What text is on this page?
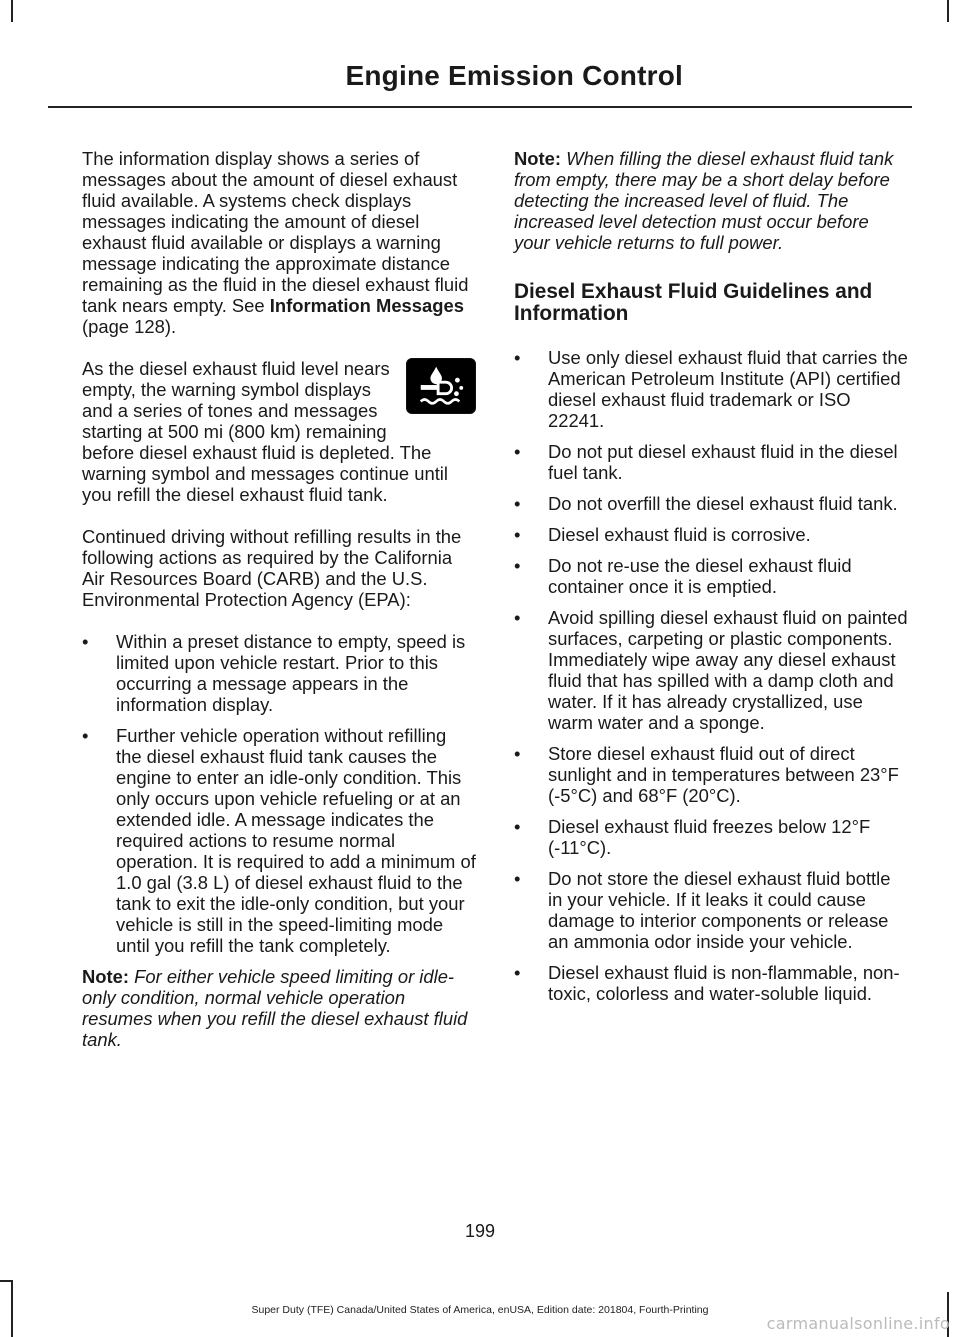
Engine Emission Control

The information display shows a series of messages about the amount of diesel exhaust fluid available. A systems check displays messages indicating the amount of diesel exhaust fluid available or displays a warning message indicating the approximate distance remaining as the fluid in the diesel exhaust fluid tank nears empty. See Information Messages (page 128).

As the diesel exhaust fluid level nears empty, the warning symbol displays and a series of tones and messages starting at 500 mi (800 km) remaining before diesel exhaust fluid is depleted. The warning symbol and messages continue until you refill the diesel exhaust fluid tank.

Continued driving without refilling results in the following actions as required by the California Air Resources Board (CARB) and the U.S. Environmental Protection Agency (EPA):

• Within a preset distance to empty, speed is limited upon vehicle restart. Prior to this occurring a message appears in the information display.
• Further vehicle operation without refilling the diesel exhaust fluid tank causes the engine to enter an idle-only condition. This only occurs upon vehicle refueling or at an extended idle. A message indicates the required actions to resume normal operation. It is required to add a minimum of 1.0 gal (3.8 L) of diesel exhaust fluid to the tank to exit the idle-only condition, but your vehicle is still in the speed-limiting mode until you refill the tank completely.

Note: For either vehicle speed limiting or idle-only condition, normal vehicle operation resumes when you refill the diesel exhaust fluid tank.

Note: When filling the diesel exhaust fluid tank from empty, there may be a short delay before detecting the increased level of fluid. The increased level detection must occur before your vehicle returns to full power.

Diesel Exhaust Fluid Guidelines and Information
• Use only diesel exhaust fluid that carries the American Petroleum Institute (API) certified diesel exhaust fluid trademark or ISO 22241.
• Do not put diesel exhaust fluid in the diesel fuel tank.
• Do not overfill the diesel exhaust fluid tank.
• Diesel exhaust fluid is corrosive.
• Do not re-use the diesel exhaust fluid container once it is emptied.
• Avoid spilling diesel exhaust fluid on painted surfaces, carpeting or plastic components. Immediately wipe away any diesel exhaust fluid that has spilled with a damp cloth and water. If it has already crystallized, use warm water and a sponge.
• Store diesel exhaust fluid out of direct sunlight and in temperatures between 23°F (-5°C) and 68°F (20°C).
• Diesel exhaust fluid freezes below 12°F (-11°C).
• Do not store the diesel exhaust fluid bottle in your vehicle. If it leaks it could cause damage to interior components or release an ammonia odor inside your vehicle.
• Diesel exhaust fluid is non-flammable, non-toxic, colorless and water-soluble liquid.
199
Super Duty (TFE) Canada/United States of America, enUSA, Edition date: 201804, Fourth-Printing
carmanualsonline.info
